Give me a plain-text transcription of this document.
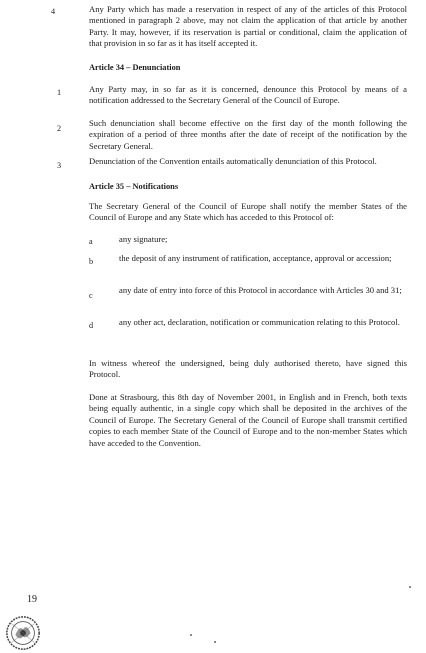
4	Any Party which has made a reservation in respect of any of the articles of this Protocol mentioned in paragraph 2 above, may not claim the application of that article by another Party. It may, however, if its reservation is partial or conditional, claim the application of that provision in so far as it has itself accepted it.
Article 34 – Denunciation
1	Any Party may, in so far as it is concerned, denounce this Protocol by means of a notification addressed to the Secretary General of the Council of Europe.
2
Such denunciation shall become effective on the first day of the month following the expiration of a period of three months after the date of receipt of the notification by the Secretary General.
3	Denunciation of the Convention entails automatically denunciation of this Protocol.
Article 35 – Notifications
The Secretary General of the Council of Europe shall notify the member States of the Council of Europe and any State which has acceded to this Protocol of:
a	any signature;
b	the deposit of any instrument of ratification, acceptance, approval or accession;
c
any date of entry into force of this Protocol in accordance with Articles 30 and 31;
d	any other act, declaration, notification or communication relating to this Protocol.
In witness whereof the undersigned, being duly authorised thereto, have signed this Protocol.
Done at Strasbourg, this 8th day of November 2001, in English and in French, both texts being equally authentic, in a single copy which shall be deposited in the archives of the Council of Europe. The Secretary General of the Council of Europe shall transmit certified copies to each member State of the Council of Europe and to the non-member States which have acceded to the Convention.
19
